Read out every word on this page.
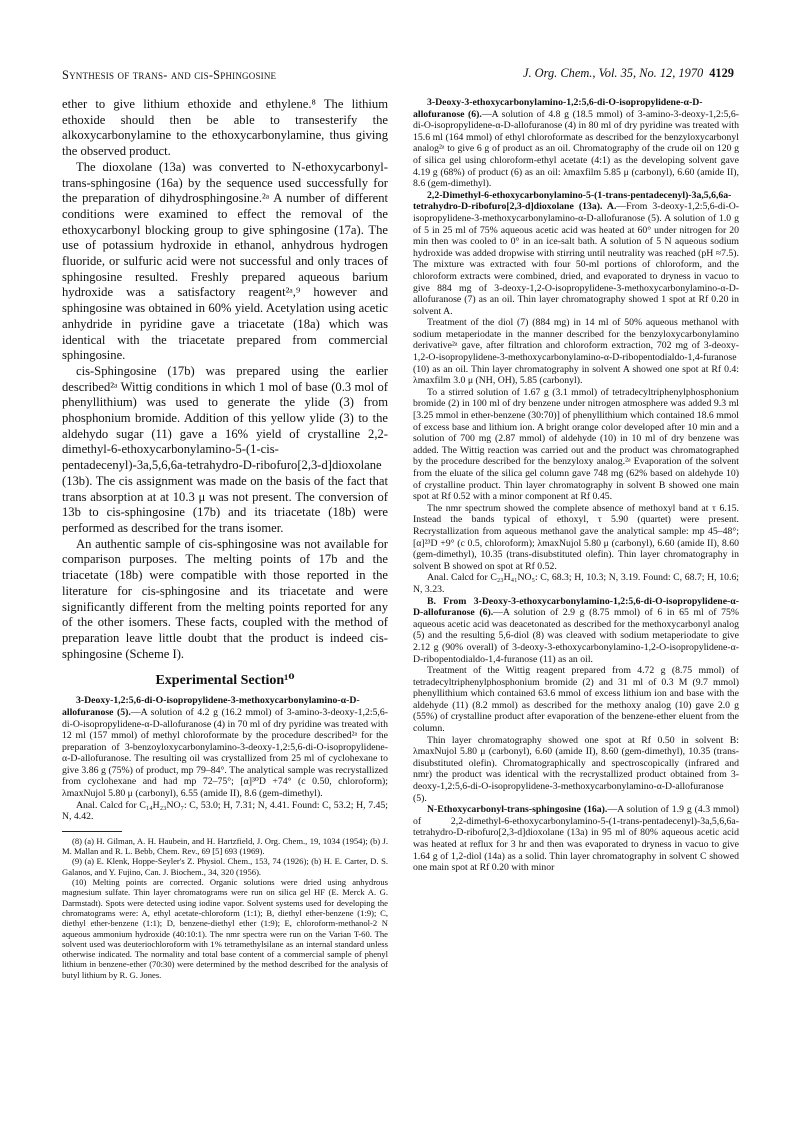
Synthesis of trans- and cis-Sphingosine	J. Org. Chem., Vol. 35, No. 12, 1970 4129

ether to give lithium ethoxide and ethylene.⁸ The lithium ethoxide should then be able to transesterify the alkoxycarbonylamine to the ethoxycarbonylamine, thus giving the observed product.

The dioxolane (13a) was converted to N-ethoxycarbonyl-trans-sphingosine (16a) by the sequence used successfully for the preparation of dihydrosphingosine.²ᵃ A number of different conditions were examined to effect the removal of the ethoxycarbonyl blocking group to give sphingosine (17a). The use of potassium hydroxide in ethanol, anhydrous hydrogen fluoride, or sulfuric acid were not successful and only traces of sphingosine resulted. Freshly prepared aqueous barium hydroxide was a satisfactory reagent²ᵃ,⁹ however and sphingosine was obtained in 60% yield. Acetylation using acetic anhydride in pyridine gave a triacetate (18a) which was identical with the triacetate prepared from commercial sphingosine.

cis-Sphingosine (17b) was prepared using the earlier described²ᵃ Wittig conditions in which 1 mol of base (0.3 mol of phenyllithium) was used to generate the ylide (3) from phosphonium bromide. Addition of this yellow ylide (3) to the aldehydo sugar (11) gave a 16% yield of crystalline 2,2-dimethyl-6-ethoxycarbonylamino-5-(1-cis-pentadecenyl)-3a,5,6,6a-tetrahydro-D-ribofuro[2,3-d]dioxolane (13b). The cis assignment was made on the basis of the fact that trans absorption at at 10.3 μ was not present. The conversion of 13b to cis-sphingosine (17b) and its triacetate (18b) were performed as described for the trans isomer.

An authentic sample of cis-sphingosine was not available for comparison purposes. The melting points of 17b and the triacetate (18b) were compatible with those reported in the literature for cis-sphingosine and its triacetate and were significantly different from the melting points reported for any of the other isomers. These facts, coupled with the method of preparation leave little doubt that the product is indeed cis-sphingosine (Scheme I).

Experimental Section¹⁰

3-Deoxy-1,2:5,6-di-O-isopropylidene-3-methoxycarbonylamino-α-D-allofuranose (5).—A solution of 4.2 g (16.2 mmol) of 3-amino-3-deoxy-1,2:5,6-di-O-isopropylidene-α-D-allofuranose (4) in 70 ml of dry pyridine was treated with 12 ml (157 mmol) of methyl chloroformate by the procedure described²ᵃ for the preparation of 3-benzoyloxycarbonylamino-3-deoxy-1,2:5,6-di-O-isopropylidene-α-D-allofuranose. The resulting oil was crystallized from 25 ml of cyclohexane to give 3.86 g (75%) of product, mp 79–84°. The analytical sample was recrystallized from cyclohexane and had mp 72–75°; [α]³⁰D +74° (c 0.50, chloroform); λmaxNujol 5.80 μ (carbonyl), 6.55 (amide II), 8.6 (gem-dimethyl).

Anal. Calcd for C₁₄H₂₃NO₇: C, 53.0; H, 7.31; N, 4.41. Found: C, 53.2; H, 7.45; N, 4.42.

(8) (a) H. Gilman, A. H. Haubein, and H. Hartzfield, J. Org. Chem., 19, 1034 (1954); (b) J. M. Mallan and R. L. Bebb, Chem. Rev., 69 [5] 693 (1969).

(9) (a) E. Klenk, Hoppe-Seyler's Z. Physiol. Chem., 153, 74 (1926); (b) H. E. Carter, D. S. Galanos, and Y. Fujino, Can. J. Biochem., 34, 320 (1956).

(10) Melting points are corrected. Organic solutions were dried using anhydrous magnesium sulfate. Thin layer chromatograms were run on silica gel HF (E. Merck A. G. Darmstadt). Spots were detected using iodine vapor. Solvent systems used for developing the chromatograms were: A, ethyl acetate-chloroform (1:1); B, diethyl ether-benzene (1:9); C, diethyl ether-benzene (1:1); D, benzene-diethyl ether (1:9); E, chloroform-methanol-2 N aqueous ammonium hydroxide (40:10:1). The nmr spectra were run on the Varian T-60. The solvent used was deuteriochloroform with 1% tetramethylsilane as an internal standard unless otherwise indicated. The normality and total base content of a commercial sample of phenyl lithium in benzene-ether (70:30) were determined by the method described for the analysis of butyl lithium by R. G. Jones.

3-Deoxy-3-ethoxycarbonylamino-1,2:5,6-di-O-isopropylidene-α-D-allofuranose (6).—A solution of 4.8 g (18.5 mmol) of 3-amino-3-deoxy-1,2:5,6-di-O-isopropylidene-α-D-allofuranose (4) in 80 ml of dry pyridine was treated with 15.6 ml (164 mmol) of ethyl chloroformate as described for the benzyloxycarbonyl analog²ᵃ to give 6 g of product as an oil. Chromatography of the crude oil on 120 g of silica gel using chloroform-ethyl acetate (4:1) as the developing solvent gave 4.19 g (68%) of product (6) as an oil: λmaxfilm 5.85 μ (carbonyl), 6.60 (amide II), 8.6 (gem-dimethyl).

2,2-Dimethyl-6-ethoxycarbonylamino-5-(1-trans-pentadecenyl)-3a,5,6,6a-tetrahydro-D-ribofuro[2,3-d]dioxolane (13a). A.—From 3-deoxy-1,2:5,6-di-O-isopropylidene-3-methoxycarbonylamino-α-D-allofuranose (5). A solution of 1.0 g of 5 in 25 ml of 75% aqueous acetic acid was heated at 60° under nitrogen for 20 min then was cooled to 0° in an ice-salt bath. A solution of 5 N aqueous sodium hydroxide was added dropwise with stirring until neutrality was reached (pH ≈7.5). The mixture was extracted with four 50-ml portions of chloroform, and the chloroform extracts were combined, dried, and evaporated to dryness in vacuo to give 884 mg of 3-deoxy-1,2-O-isopropylidene-3-methoxycarbonylamino-α-D-allofuranose (7) as an oil. Thin layer chromatography showed 1 spot at Rf 0.20 in solvent A.

Treatment of the diol (7) (884 mg) in 14 ml of 50% aqueous methanol with sodium metaperiodate in the manner described for the benzyloxycarbonylamino derivative²ᵃ gave, after filtration and chloroform extraction, 702 mg of 3-deoxy-1,2-O-isopropylidene-3-methoxycarbonylamino-α-D-ribopentodialdo-1,4-furanose (10) as an oil. Thin layer chromatography in solvent A showed one spot at Rf 0.4: λmaxfilm 3.0 μ (NH, OH), 5.85 (carbonyl).

To a stirred solution of 1.67 g (3.1 mmol) of tetradecyltriphenylphosphonium bromide (2) in 100 ml of dry benzene under nitrogen atmosphere was added 9.3 ml [3.25 mmol in ether-benzene (30:70)] of phenyllithium which contained 18.6 mmol of excess base and lithium ion. A bright orange color developed after 10 min and a solution of 700 mg (2.87 mmol) of aldehyde (10) in 10 ml of dry benzene was added. The Wittig reaction was carried out and the product was chromatographed by the procedure described for the benzyloxy analog.²ᵃ Evaporation of the solvent from the eluate of the silica gel column gave 748 mg (62% based on aldehyde 10) of crystalline product. Thin layer chromatography in solvent B showed one main spot at Rf 0.52 with a minor component at Rf 0.45.

The nmr spectrum showed the complete absence of methoxyl band at τ 6.15. Instead the bands typical of ethoxyl, τ 5.90 (quartet) were present. Recrystallization from aqueous methanol gave the analytical sample: mp 45–48°; [α]²³D +9° (c 0.5, chloroform); λmaxNujol 5.80 μ (carbonyl), 6.60 (amide II), 8.60 (gem-dimethyl), 10.35 (trans-disubstituted olefin). Thin layer chromatography in solvent B showed on spot at Rf 0.52.

Anal. Calcd for C₂₃H₄₁NO₅: C, 68.3; H, 10.3; N, 3.19. Found: C, 68.7; H, 10.6; N, 3.23.

B. From 3-Deoxy-3-ethoxycarbonylamino-1,2:5,6-di-O-isopropylidene-α-D-allofuranose (6).—A solution of 2.9 g (8.75 mmol) of 6 in 65 ml of 75% aqueous acetic acid was deacetonated as described for the methoxycarbonyl analog (5) and the resulting 5,6-diol (8) was cleaved with sodium metaperiodate to give 2.12 g (90% overall) of 3-deoxy-3-ethoxycarbonylamino-1,2-O-isopropylidene-α-D-ribopentodialdo-1,4-furanose (11) as an oil.

Treatment of the Wittig reagent prepared from 4.72 g (8.75 mmol) of tetradecyltriphenylphosphonium bromide (2) and 31 ml of 0.3 M (9.7 mmol) phenyllithium which contained 63.6 mmol of excess lithium ion and base with the aldehyde (11) (8.2 mmol) as described for the methoxy analog (10) gave 2.0 g (55%) of crystalline product after evaporation of the benzene-ether eluent from the column.

Thin layer chromatography showed one spot at Rf 0.50 in solvent B: λmaxNujol 5.80 μ (carbonyl), 6.60 (amide II), 8.60 (gem-dimethyl), 10.35 (trans-disubstituted olefin). Chromatographically and spectroscopically (infrared and nmr) the product was identical with the recrystallized product obtained from 3-deoxy-1,2:5,6-di-O-isopropylidene-3-methoxycarbonylamino-α-D-allofuranose (5).

N-Ethoxycarbonyl-trans-sphingosine (16a).—A solution of 1.9 g (4.3 mmol) of 2,2-dimethyl-6-ethoxycarbonylamino-5-(1-trans-pentadecenyl)-3a,5,6,6a-tetrahydro-D-ribofuro[2,3-d]dioxolane (13a) in 95 ml of 80% aqueous acetic acid was heated at reflux for 3 hr and then was evaporated to dryness in vacuo to give 1.64 g of 1,2-diol (14a) as a solid. Thin layer chromatography in solvent C showed one main spot at Rf 0.20 with minor
